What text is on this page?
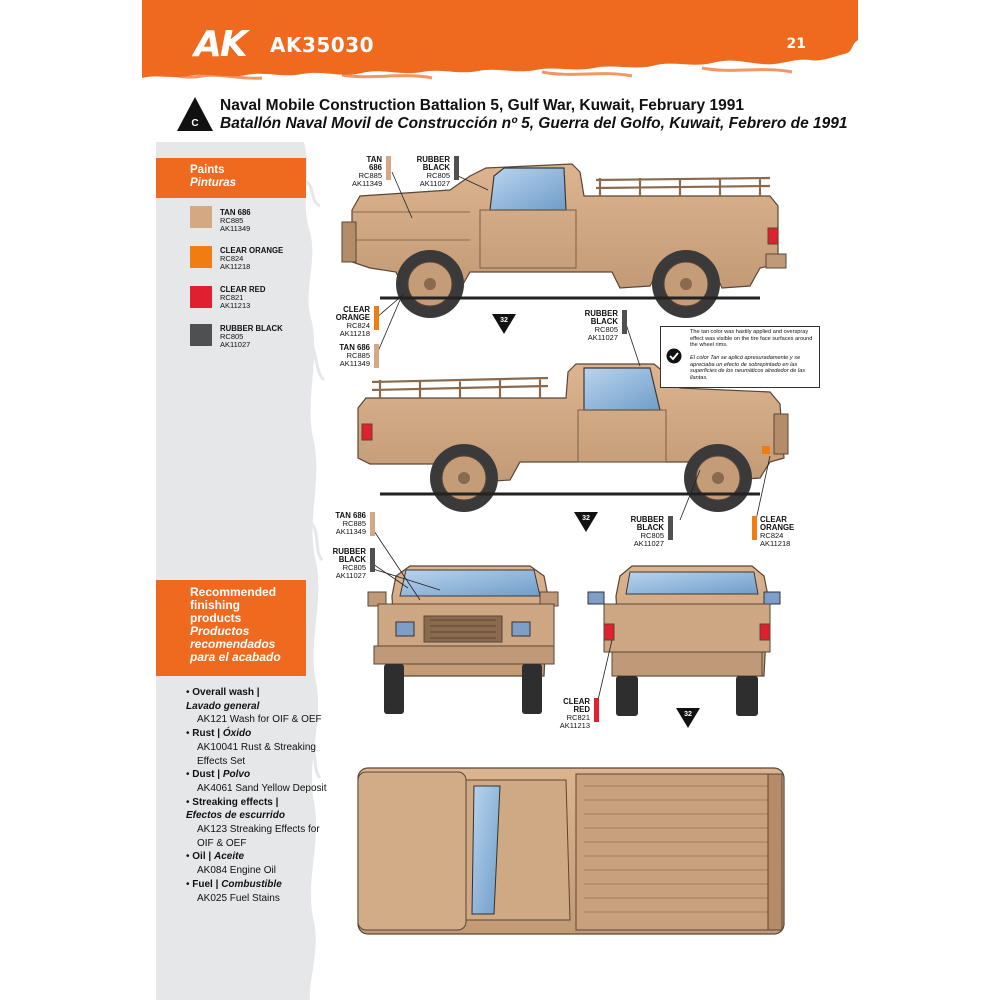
AK AK35030	21
C
Naval Mobile Construction Battalion 5, Gulf War, Kuwait, February 1991
Batallón Naval Movil de Construcción nº 5, Guerra del Golfo, Kuwait, Febrero de 1991
Paints
Pinturas
TAN 686
RC885
AK11349
CLEAR ORANGE
RC824
AK11218
CLEAR RED
RC821
AK11213
RUBBER BLACK
RC805
AK11027
Recommended
finishing
products
Productos
recomendados
para el acabado
• Overall wash |
Lavado general
AK121 Wash for OIF & OEF
• Rust | Óxido
AK10041 Rust & Streaking
Effects Set
• Dust | Polvo
AK4061 Sand Yellow Deposit
• Streaking effects |
Efectos de escurrido
AK123 Streaking Effects for
OIF & OEF
• Oil | Aceite
AK084 Engine Oil
• Fuel | Combustible
AK025 Fuel Stains
32
32
32
TAN 686
RC885
AK11349
RUBBER BLACK
RC805
AK11027
CLEAR ORANGE
RC824
AK11218
TAN 686
RC885
AK11349
RUBBER BLACK
RC805
AK11027
RUBBER BLACK
RC805
AK11027
CLEAR ORANGE
RC824
AK11218
TAN 686
RC885
AK11349
RUBBER BLACK
RC805
AK11027
CLEAR RED
RC821
AK11213
The tan color was hastily applied and overspray effect was visible on the tire face surfaces around the wheel rims.
El color Tan se aplicó apresuradamente y se apreciaba un efecto de sobrepintado en las superficies de los neumáticos alrededor de las llantas.
